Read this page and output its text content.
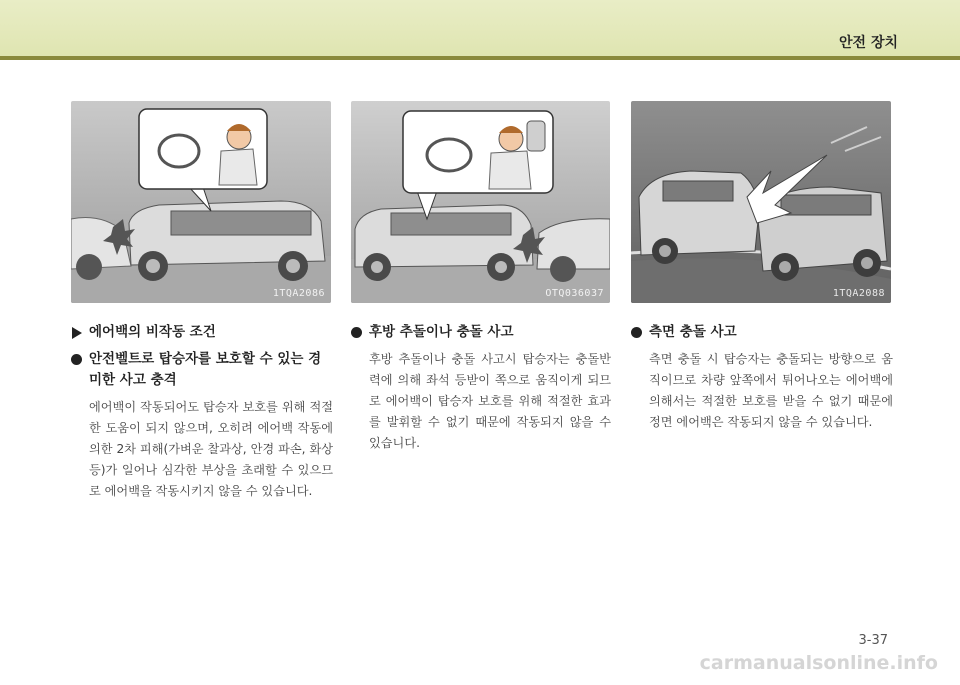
안전 장치
1TQA2086	OTQ036037	1TQA2088
에어백의 비작동 조건
안전벨트로 탑승자를 보호할 수 있는 경미한 사고 충격
에어백이 작동되어도 탑승자 보호를 위해 적절한 도움이 되지 않으며, 오히려 에어백 작동에 의한 2차 피해(가벼운 찰과상, 안경 파손, 화상 등)가 일어나 심각한 부상을 초래할 수 있으므로 에어백을 작동시키지 않을 수 있습니다.
후방 추돌이나 충돌 사고
후방 추돌이나 충돌 사고시 탑승자는 충돌반력에 의해 좌석 등받이 쪽으로 움직이게 되므로 에어백이 탑승자 보호를 위해 적절한 효과를 발휘할 수 없기 때문에 작동되지 않을 수 있습니다.
측면 충돌 사고
측면 충돌 시 탑승자는 충돌되는 방향으로 움직이므로 차량 앞쪽에서 튀어나오는 에어백에 의해서는 적절한 보호를 받을 수 없기 때문에 정면 에어백은 작동되지 않을 수 있습니다.
3-37
carmanualsonline.info
